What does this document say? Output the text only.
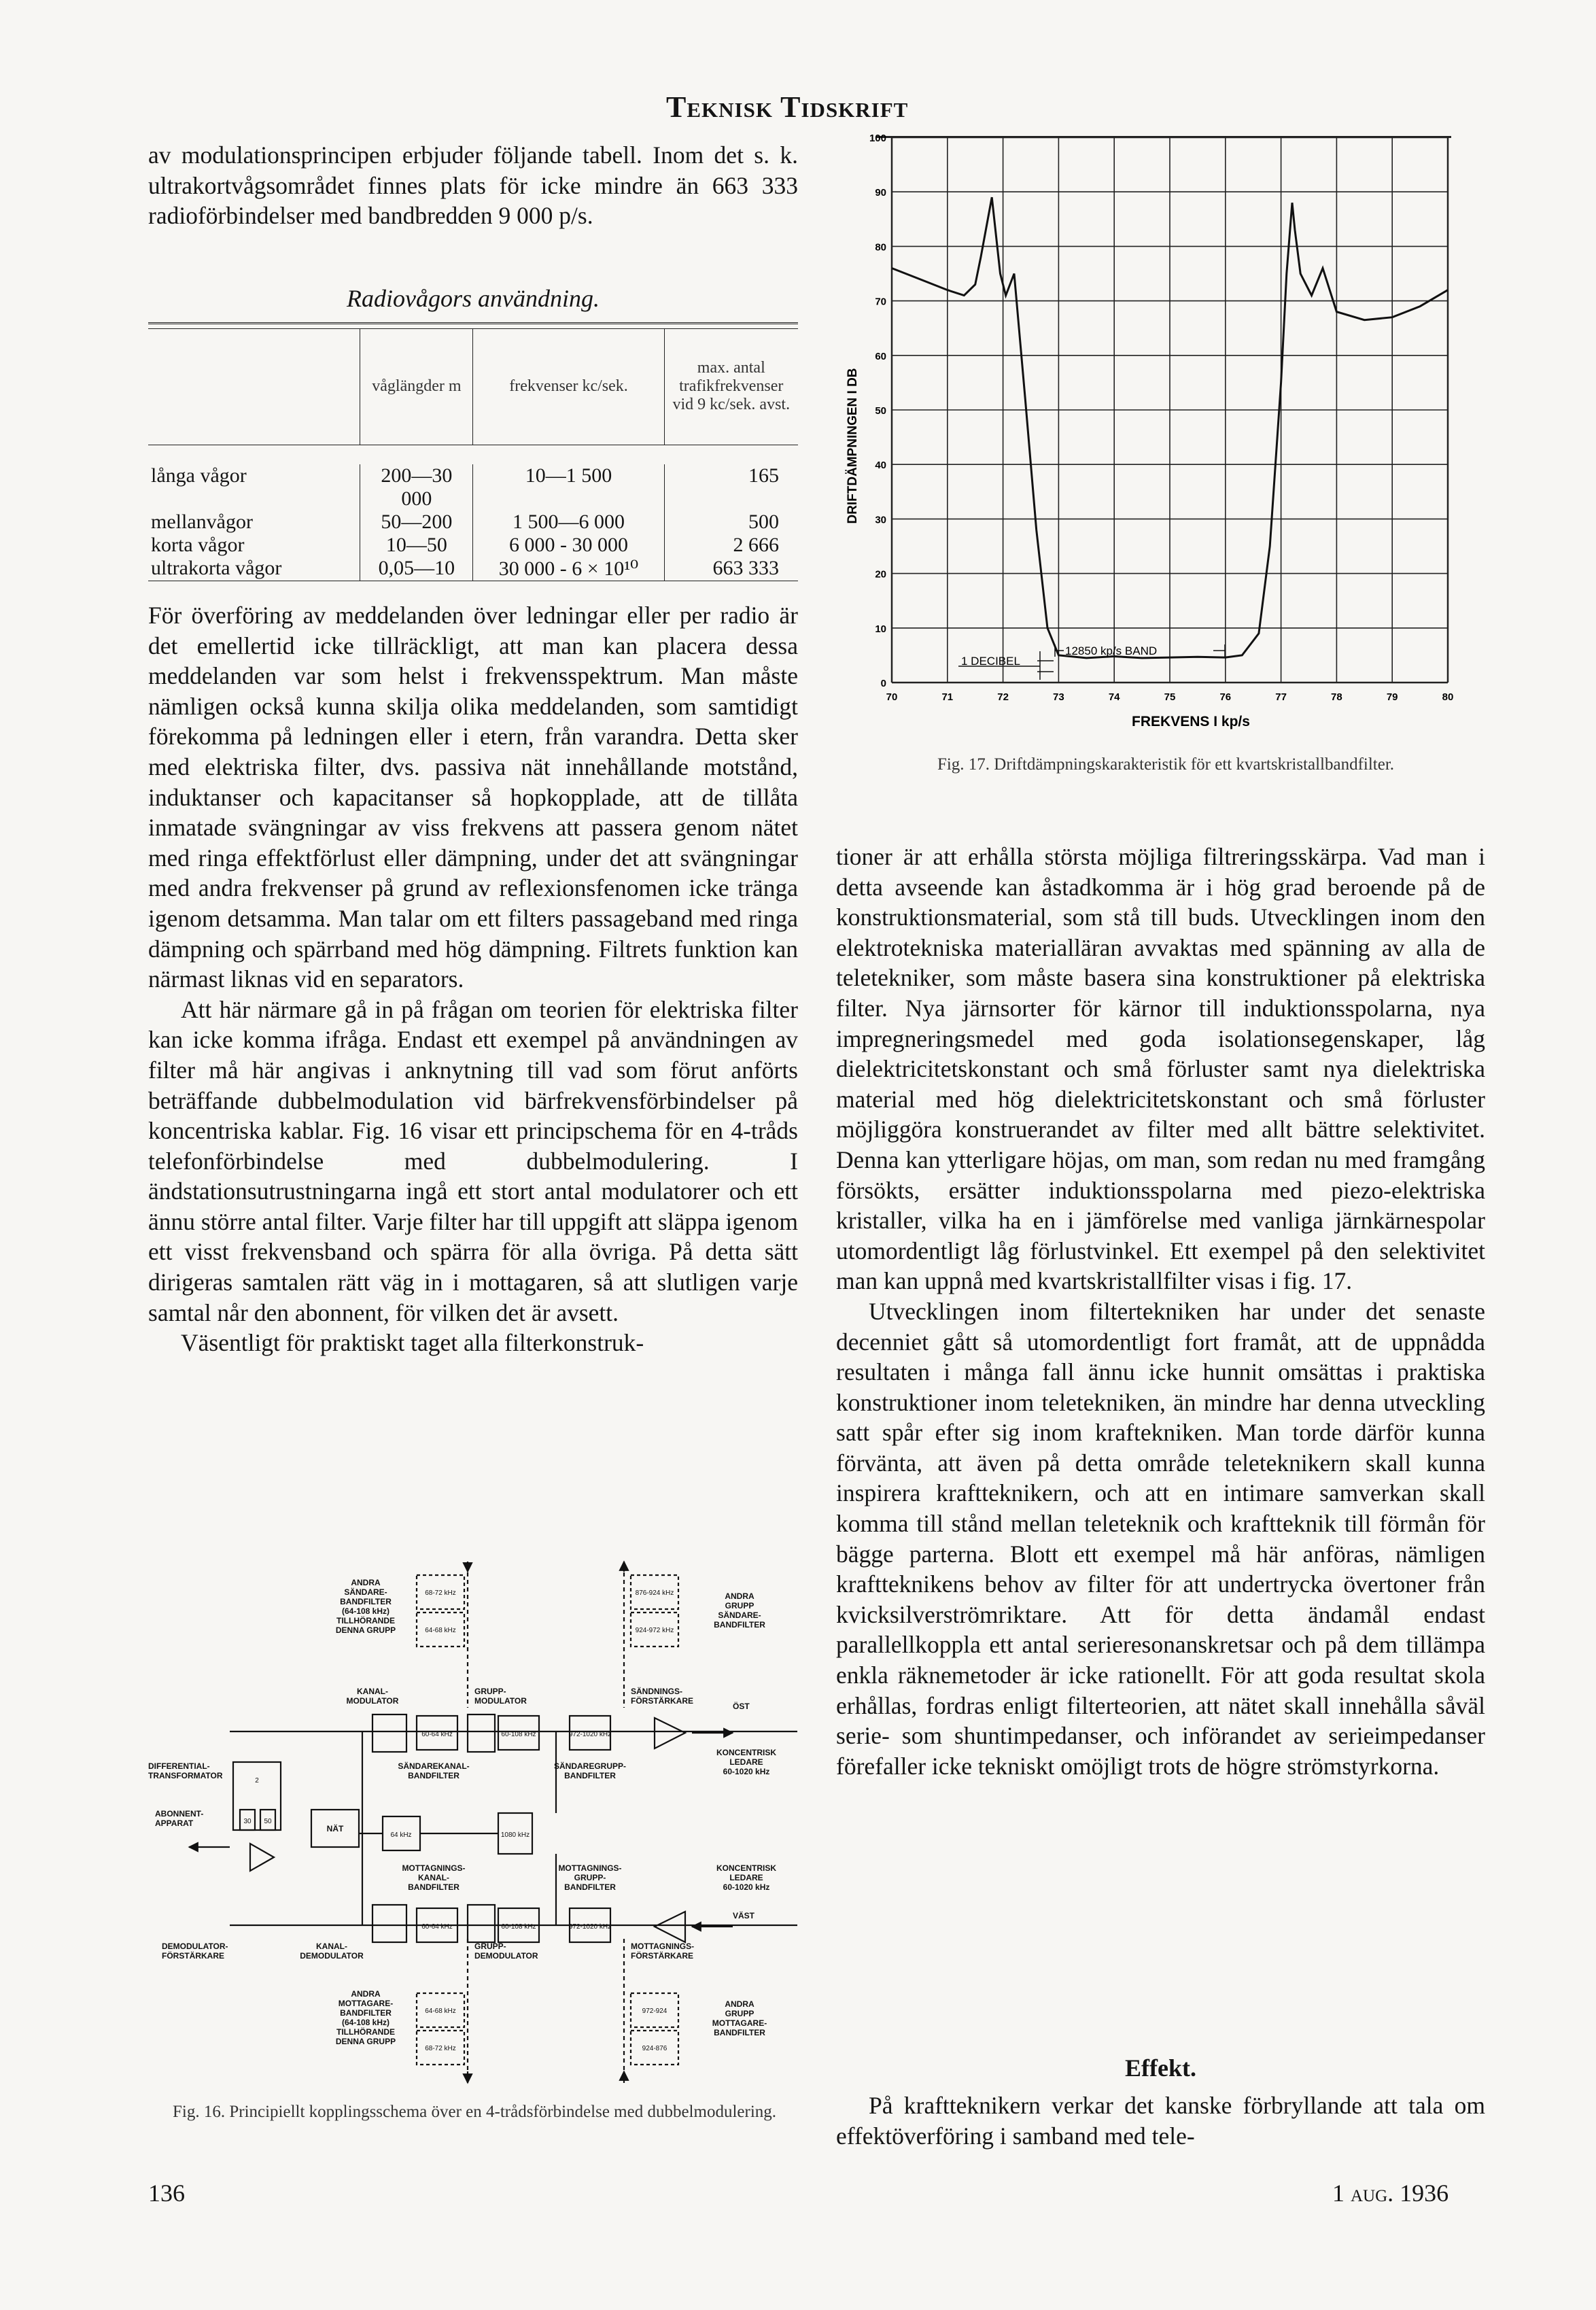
Teknisk Tidskrift

av modulationsprincipen erbjuder följande tabell. Inom det s. k. ultrakortvågsområdet finnes plats för icke mindre än 663 333 radioförbindelser med bandbredden 9 000 p/s.

Radiovågors användning.
	våglängder m	frekvenser kc/sek.	max. antal trafikfrekvenser vid 9 kc/sek. avst.

långa vågor	200—30 000	10—1 500	165
mellanvågor	50—200	1 500—6 000	500
korta vågor	10—50	6 000 - 30 000	2 666
ultrakorta vågor	0,05—10	30 000 - 6 × 10¹⁰	663 333

För överföring av meddelanden över ledningar eller per radio är det emellertid icke tillräckligt, att man kan placera dessa meddelanden var som helst i frekvensspektrum. Man måste nämligen också kunna skilja olika meddelanden, som samtidigt förekomma på ledningen eller i etern, från varandra. Detta sker med elektriska filter, dvs. passiva nät innehållande motstånd, induktanser och kapacitanser så hopkopplade, att de tillåta inmatade svängningar av viss frekvens att passera genom nätet med ringa effektförlust eller dämpning, under det att svängningar med andra frekvenser på grund av reflexionsfenomen icke tränga igenom detsamma. Man talar om ett filters passageband med ringa dämpning och spärrband med hög dämpning. Filtrets funktion kan närmast liknas vid en separators.

Att här närmare gå in på frågan om teorien för elektriska filter kan icke komma ifråga. Endast ett exempel på användningen av filter må här angivas i anknytning till vad som förut anförts beträffande dubbelmodulation vid bärfrekvensförbindelser på koncentriska kablar. Fig. 16 visar ett principschema för en 4-tråds telefonförbindelse med dubbelmodulering. I ändstationsutrustningarna ingå ett stort antal modulatorer och ett ännu större antal filter. Varje filter har till uppgift att släppa igenom ett visst frekvensband och spärra för alla övriga. På detta sätt dirigeras samtalen rätt väg in i mottagaren, så att slutligen varje samtal når den abonnent, för vilken det är avsett.

Väsentligt för praktiskt taget alla filterkonstruk-

0
10
20
30
40
50
60
70
80
90
100
70	71	72	73	74	75	76	77	78	79	80
DRIFTDÄMPNINGEN I DB
FREKVENS I kp/s
1 DECIBEL
12850 kp/s BAND
Fig. 17. Driftdämpningskarakteristik för ett kvartskristallbandfilter.

tioner är att erhålla största möjliga filtreringsskärpa. Vad man i detta avseende kan åstadkomma är i hög grad beroende på de konstruktionsmaterial, som stå till buds. Utvecklingen inom den elektrotekniska materialläran avvaktas med spänning av alla de teletekniker, som måste basera sina konstruktioner på elektriska filter. Nya järnsorter för kärnor till induktionsspolarna, nya impregneringsmedel med goda isolationsegenskaper, låg dielektricitetskonstant och små förluster samt nya dielektriska material med hög dielektricitetskonstant och små förluster möjliggöra konstruerandet av filter med allt bättre selektivitet. Denna kan ytterligare höjas, om man, som redan nu med framgång försökts, ersätter induktionsspolarna med piezo-elektriska kristaller, vilka ha en i jämförelse med vanliga järnkärnespolar utomordentligt låg förlustvinkel. Ett exempel på den selektivitet man kan uppnå med kvartskristallfilter visas i fig. 17.

Utvecklingen inom filtertekniken har under det senaste decenniet gått så utomordentligt fort framåt, att de uppnådda resultaten i många fall ännu icke hunnit omsättas i praktiska konstruktioner inom teletekniken, än mindre har denna utveckling satt spår efter sig inom kraftekniken. Man torde därför kunna förvänta, att även på detta område teleteknikern skall kunna inspirera kraftteknikern, och att en intimare samverkan skall komma till stånd mellan teleteknik och kraftteknik till förmån för bägge parterna. Blott ett exempel må här anföras, nämligen kraftteknikens behov av filter för att undertrycka övertoner från kvicksilverströmriktare. Att för detta ändamål endast parallellkoppla ett antal serieresonanskretsar och på dem tillämpa enkla räknemetoder är icke rationellt. För att goda resultat skola erhållas, fordras enligt filterteorien, att nätet skall innehålla såväl serie- som shuntimpedanser, och införandet av serieimpedanser förefaller icke tekniskt omöjligt trots de högre strömstyrkorna.

Effekt.
På kraftteknikern verkar det kanske förbryllande att tala om effektöverföring i samband med tele-
ANDRA
SÄNDARE-
BANDFILTER
(64-108 kHz)
TILLHÖRANDE
DENNA GRUPP
ANDRA
GRUPP
SÄNDARE-
BANDFILTER
KANAL-
MODULATOR
GRUPP-
MODULATOR
SÄNDNINGS-
FÖRSTÄRKARE
ÖST
DIFFERENTIAL-
TRANSFORMATOR
ABONNENT-
APPARAT
KONCENTRISK
LEDARE
60-1020 kHz
SÄNDAREKANAL-
BANDFILTER
SÄNDAREGRUPP-
BANDFILTER
NÄT
MOTTAGNINGS-
KANAL-
BANDFILTER
MOTTAGNINGS-
GRUPP-
BANDFILTER
KONCENTRISK
LEDARE
60-1020 kHz
VÄST
DEMODULATOR-
FÖRSTÄRKARE
KANAL-
DEMODULATOR
GRUPP-
DEMODULATOR
MOTTAGNINGS-
FÖRSTÄRKARE
ANDRA
MOTTAGARE-
BANDFILTER
(64-108 kHz)
TILLHÖRANDE
DENNA GRUPP
ANDRA
GRUPP
MOTTAGARE-
BANDFILTER
60-64 kHz	60-108 kHz	972-1020 kHz
64 kHz	1080 kHz
60-64 kHz	60-108 kHz	972-1020 kHz
68-72 kHz
64-68 kHz
876-924 kHz
924-972 kHz
64-68 kHz
68-72 kHz
972-924
924-876
30 50
2
Fig. 16. Principiellt kopplingsschema över en 4-trådsförbindelse med dubbelmodulering.
136	1 aug. 1936
